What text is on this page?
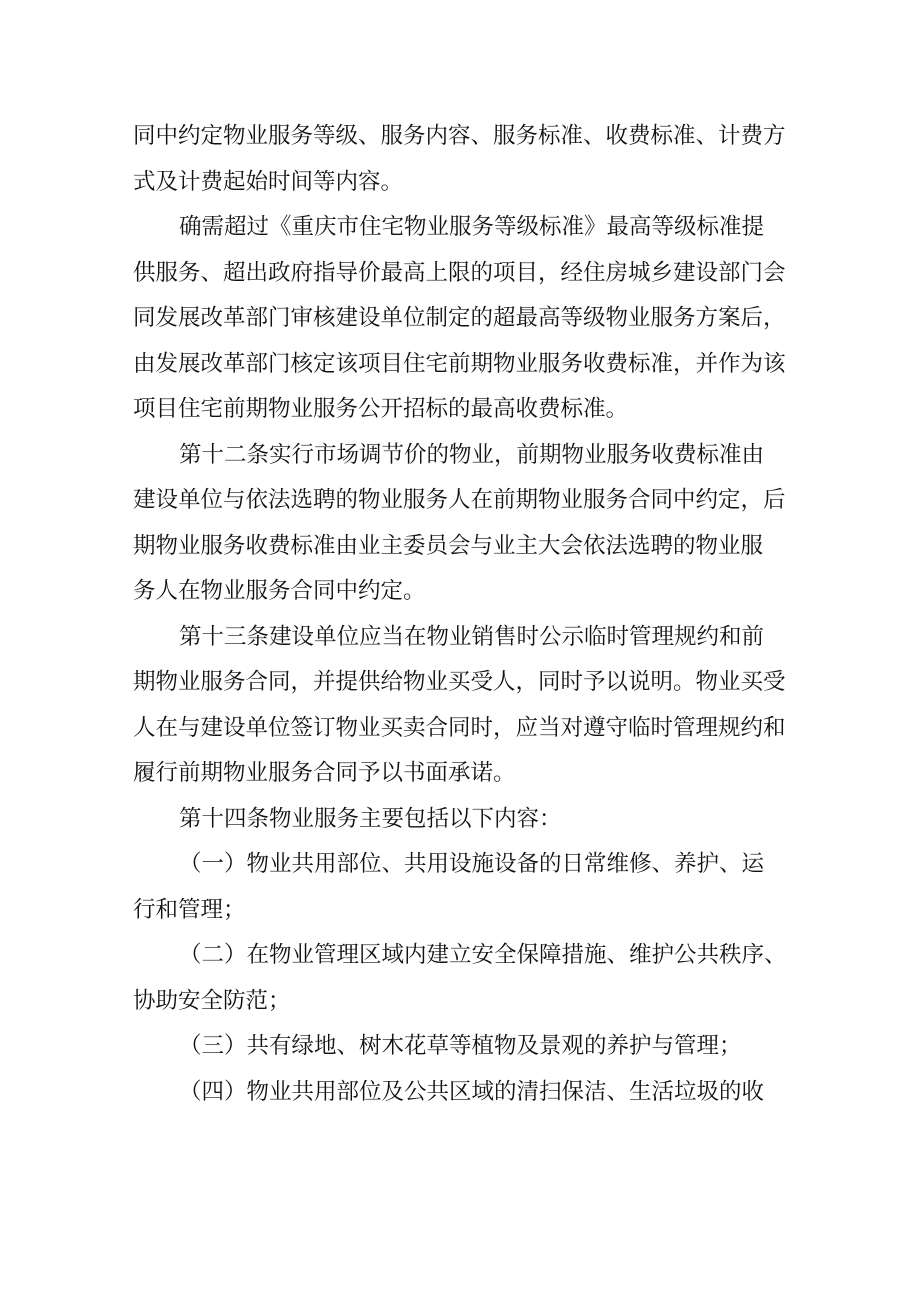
同中约定物业服务等级、服务内容、服务标准、收费标准、计费方
式及计费起始时间等内容。
确需超过《重庆市住宅物业服务等级标准》最高等级标准提
供服务、超出政府指导价最高上限的项目，经住房城乡建设部门会
同发展改革部门审核建设单位制定的超最高等级物业服务方案后，
由发展改革部门核定该项目住宅前期物业服务收费标准，并作为该
项目住宅前期物业服务公开招标的最高收费标准。
第十二条实行市场调节价的物业，前期物业服务收费标准由
建设单位与依法选聘的物业服务人在前期物业服务合同中约定，后
期物业服务收费标准由业主委员会与业主大会依法选聘的物业服
务人在物业服务合同中约定。
第十三条建设单位应当在物业销售时公示临时管理规约和前
期物业服务合同，并提供给物业买受人，同时予以说明。物业买受
人在与建设单位签订物业买卖合同时，应当对遵守临时管理规约和
履行前期物业服务合同予以书面承诺。
第十四条物业服务主要包括以下内容：
（一）物业共用部位、共用设施设备的日常维修、养护、运
行和管理；
（二）在物业管理区域内建立安全保障措施、维护公共秩序、
协助安全防范；
（三）共有绿地、树木花草等植物及景观的养护与管理；
（四）物业共用部位及公共区域的清扫保洁、生活垃圾的收
